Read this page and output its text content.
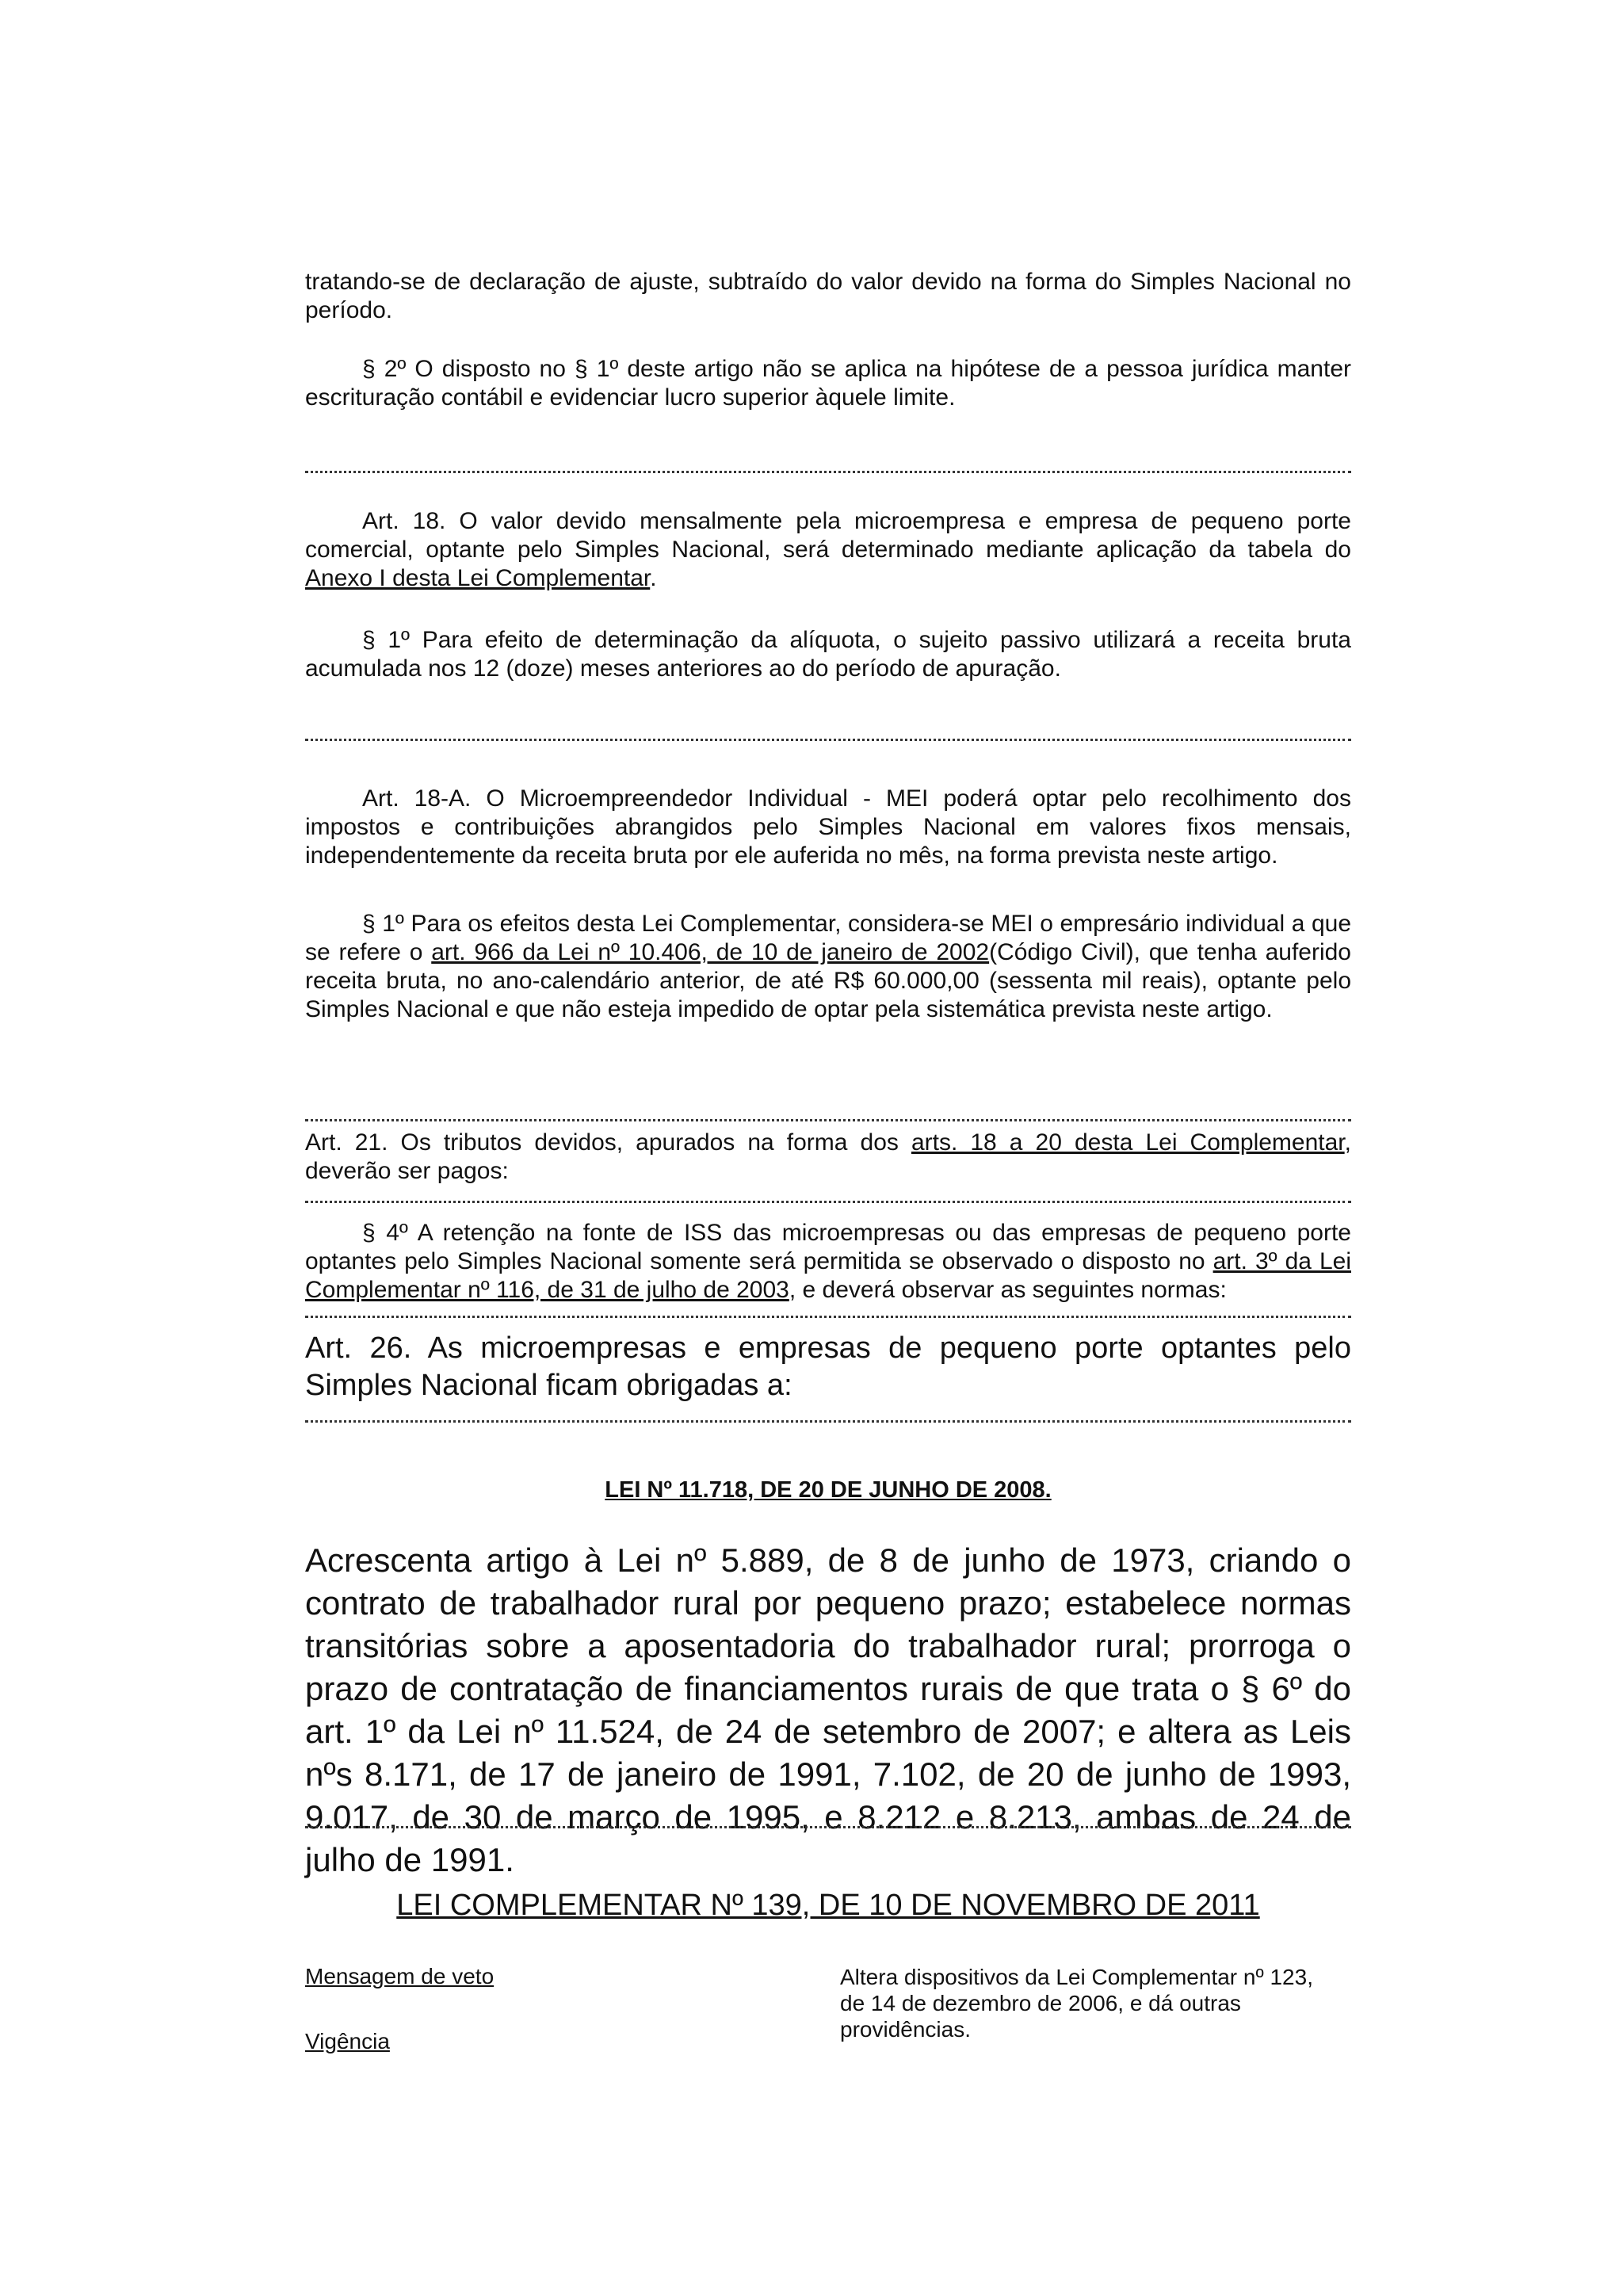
tratando-se de declaração de ajuste, subtraído do valor devido na forma do Simples Nacional no período.

§ 2º O disposto no § 1º deste artigo não se aplica na hipótese de a pessoa jurídica manter escrituração contábil e evidenciar lucro superior àquele limite.

Art. 18. O valor devido mensalmente pela microempresa e empresa de pequeno porte comercial, optante pelo Simples Nacional, será determinado mediante aplicação da tabela do Anexo I desta Lei Complementar.

§ 1º Para efeito de determinação da alíquota, o sujeito passivo utilizará a receita bruta acumulada nos 12 (doze) meses anteriores ao do período de apuração.

Art. 18-A. O Microempreendedor Individual - MEI poderá optar pelo recolhimento dos impostos e contribuições abrangidos pelo Simples Nacional em valores fixos mensais, independentemente da receita bruta por ele auferida no mês, na forma prevista neste artigo.

§ 1º Para os efeitos desta Lei Complementar, considera-se MEI o empresário individual a que se refere o art. 966 da Lei nº 10.406, de 10 de janeiro de 2002(Código Civil), que tenha auferido receita bruta, no ano-calendário anterior, de até R$ 60.000,00 (sessenta mil reais), optante pelo Simples Nacional e que não esteja impedido de optar pela sistemática prevista neste artigo.

Art. 21. Os tributos devidos, apurados na forma dos arts. 18 a 20 desta Lei Complementar, deverão ser pagos:

§ 4º A retenção na fonte de ISS das microempresas ou das empresas de pequeno porte optantes pelo Simples Nacional somente será permitida se observado o disposto no art. 3º da Lei Complementar nº 116, de 31 de julho de 2003, e deverá observar as seguintes normas:

Art. 26. As microempresas e empresas de pequeno porte optantes pelo Simples Nacional ficam obrigadas a:

LEI Nº 11.718, DE 20 DE JUNHO DE 2008.

Acrescenta artigo à Lei nº 5.889, de 8 de junho de 1973, criando o contrato de trabalhador rural por pequeno prazo; estabelece normas transitórias sobre a aposentadoria do trabalhador rural; prorroga o prazo de contratação de financiamentos rurais de que trata o § 6º do art. 1º da Lei nº 11.524, de 24 de setembro de 2007; e altera as Leis nºs 8.171, de 17 de janeiro de 1991, 7.102, de 20 de junho de 1993, 9.017, de 30 de março de 1995, e 8.212 e 8.213, ambas de 24 de julho de 1991.

LEI COMPLEMENTAR Nº 139, DE 10 DE NOVEMBRO DE 2011

Mensagem de veto
Vigência

Altera dispositivos da Lei Complementar nº 123, de 14 de dezembro de 2006, e dá outras providências.
